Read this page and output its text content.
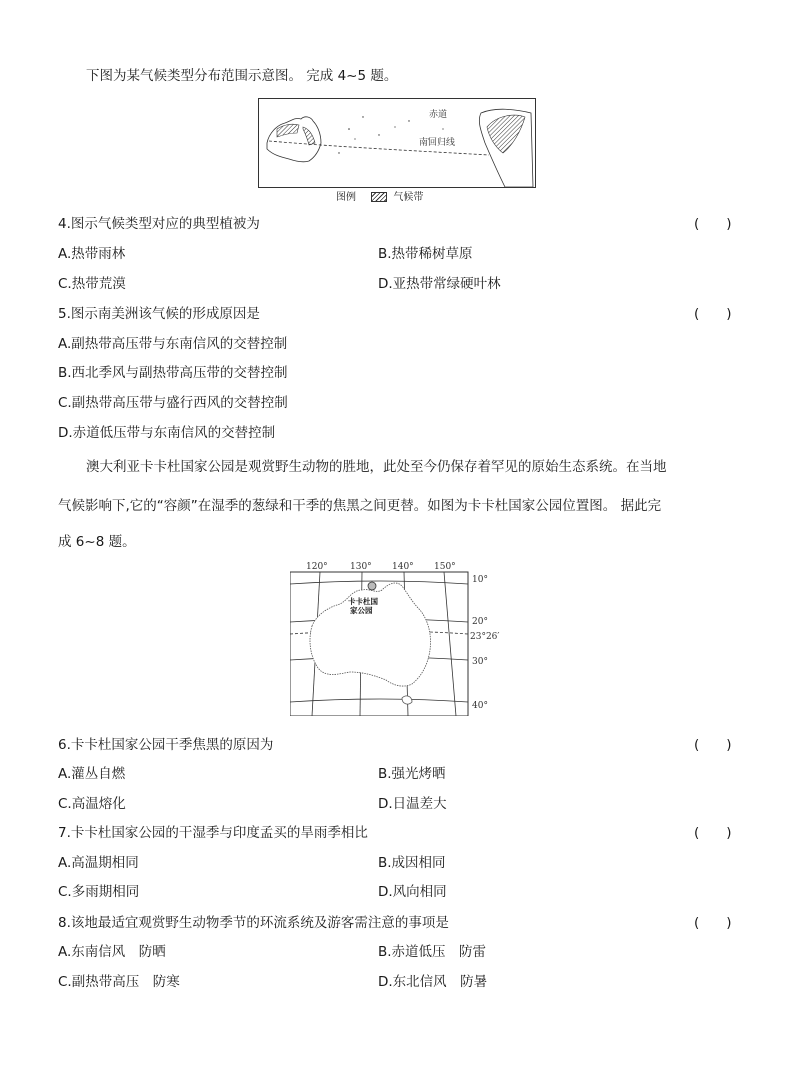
下图为某气候类型分布范围示意图。 完成 4~5 题。
赤道
南回归线
图例	气候带
4.图示气候类型对应的典型植被为	(　　)
A.热带雨林	B.热带稀树草原
C.热带荒漠	D.亚热带常绿硬叶林
5.图示南美洲该气候的形成原因是	(　　)
A.副热带高压带与东南信风的交替控制
B.西北季风与副热带高压带的交替控制
C.副热带高压带与盛行西风的交替控制
D.赤道低压带与东南信风的交替控制
澳大利亚卡卡杜国家公园是观赏野生动物的胜地，此处至今仍保存着罕见的原始生态系统。在当地
气候影响下,它的“容颜”在湿季的葱绿和干季的焦黑之间更替。如图为卡卡杜国家公园位置图。 据此完
成 6~8 题。
120° 130° 140° 150°
10°
20°
23°26′
30°
40°
卡卡杜国
家公园
6.卡卡杜国家公园干季焦黑的原因为	(　　)
A.灌丛自燃	B.强光烤晒
C.高温熔化	D.日温差大
7.卡卡杜国家公园的干湿季与印度孟买的旱雨季相比	(　　)
A.高温期相同	B.成因相同
C.多雨期相同	D.风向相同
8.该地最适宜观赏野生动物季节的环流系统及游客需注意的事项是	(　　)
A.东南信风　防晒	B.赤道低压　防雷
C.副热带高压　防寒	D.东北信风　防暑
